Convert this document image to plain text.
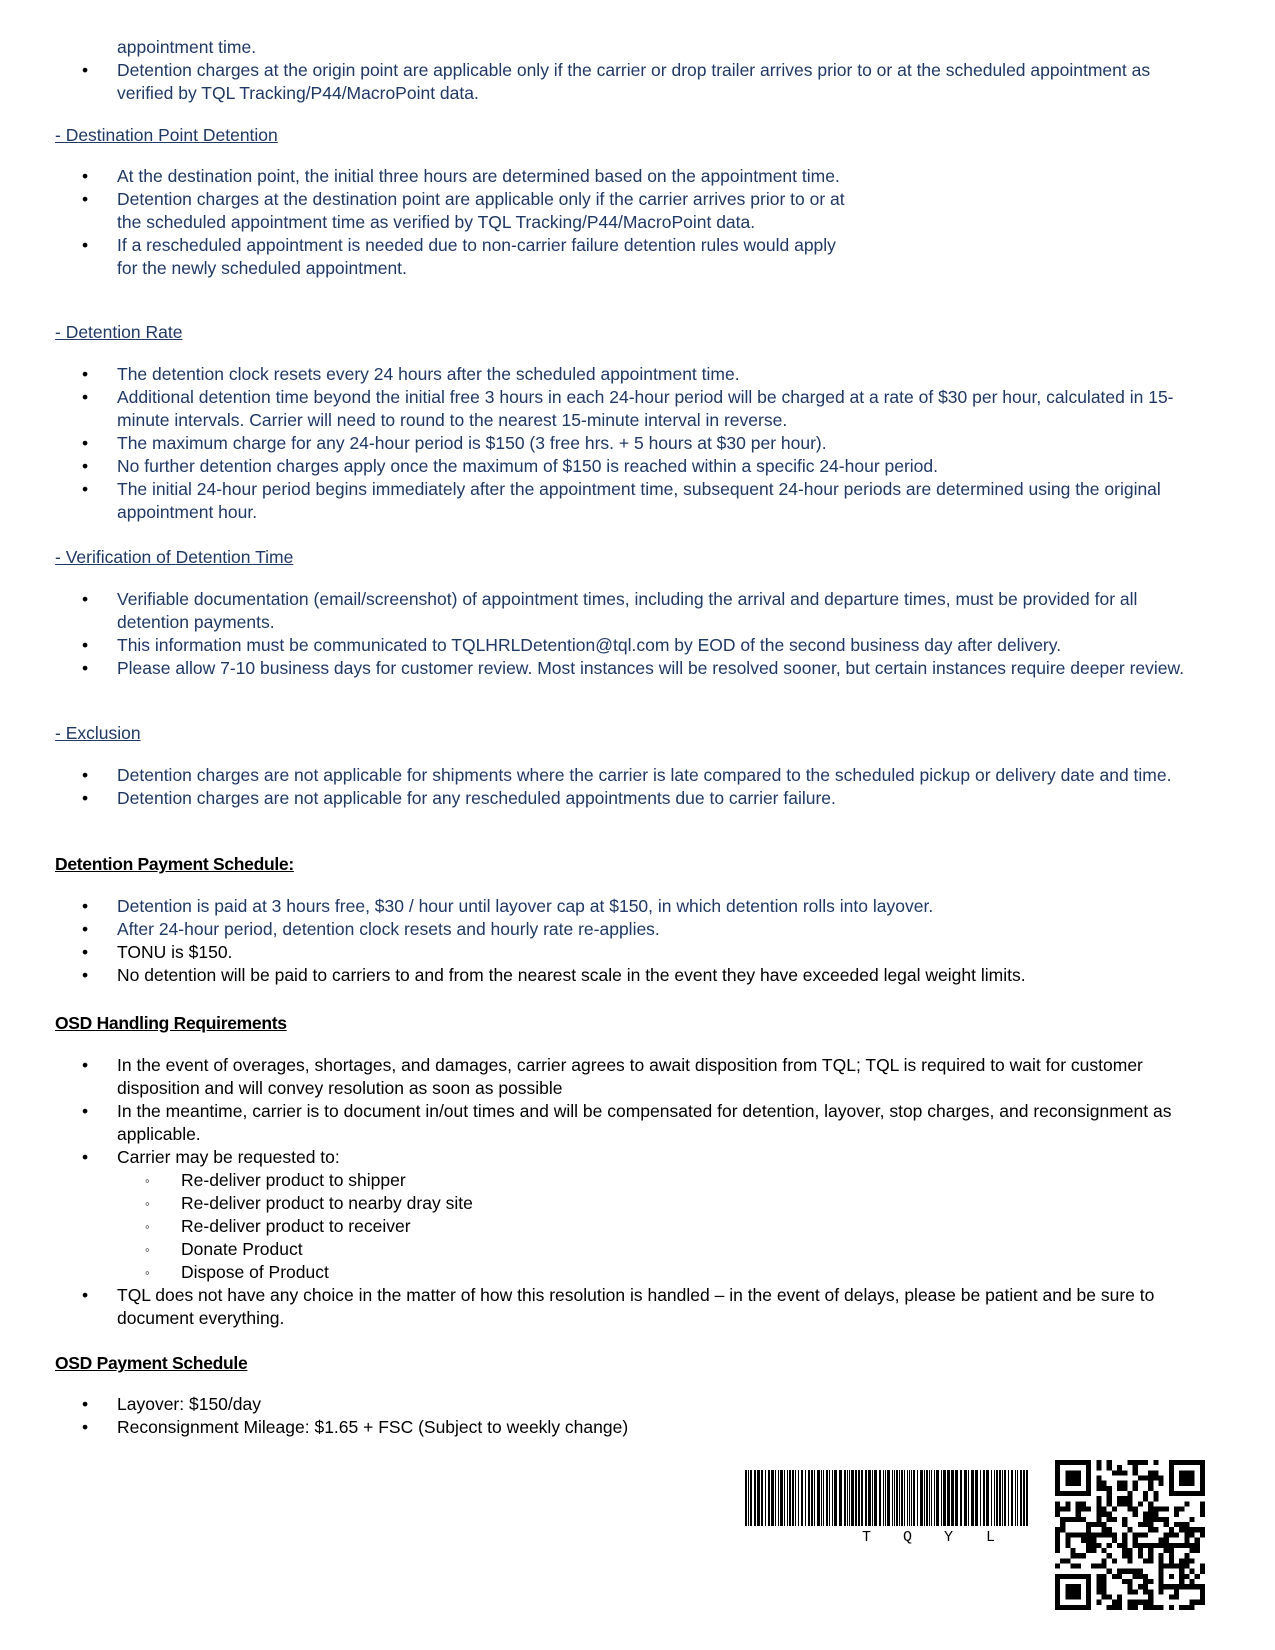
appointment time.
• Detention charges at the origin point are applicable only if the carrier or drop trailer arrives prior to or at the scheduled appointment as verified by TQL Tracking/P44/MacroPoint data.
- Destination Point Detention
• At the destination point, the initial three hours are determined based on the appointment time.
• Detention charges at the destination point are applicable only if the carrier arrives prior to or at the scheduled appointment time as verified by TQL Tracking/P44/MacroPoint data.
• If a rescheduled appointment is needed due to non-carrier failure detention rules would apply for the newly scheduled appointment.
- Detention Rate
• The detention clock resets every 24 hours after the scheduled appointment time.
• Additional detention time beyond the initial free 3 hours in each 24-hour period will be charged at a rate of $30 per hour, calculated in 15-minute intervals. Carrier will need to round to the nearest 15-minute interval in reverse.
• The maximum charge for any 24-hour period is $150 (3 free hrs. + 5 hours at $30 per hour).
• No further detention charges apply once the maximum of $150 is reached within a specific 24-hour period.
• The initial 24-hour period begins immediately after the appointment time, subsequent 24-hour periods are determined using the original appointment hour.
- Verification of Detention Time
• Verifiable documentation (email/screenshot) of appointment times, including the arrival and departure times, must be provided for all detention payments.
• This information must be communicated to TQLHRLDetention@tql.com by EOD of the second business day after delivery.
• Please allow 7-10 business days for customer review. Most instances will be resolved sooner, but certain instances require deeper review.
- Exclusion
• Detention charges are not applicable for shipments where the carrier is late compared to the scheduled pickup or delivery date and time.
• Detention charges are not applicable for any rescheduled appointments due to carrier failure.
Detention Payment Schedule:
• Detention is paid at 3 hours free, $30 / hour until layover cap at $150, in which detention rolls into layover.
• After 24-hour period, detention clock resets and hourly rate re-applies.
• TONU is $150.
• No detention will be paid to carriers to and from the nearest scale in the event they have exceeded legal weight limits.
OSD Handling Requirements
• In the event of overages, shortages, and damages, carrier agrees to await disposition from TQL; TQL is required to wait for customer disposition and will convey resolution as soon as possible
• In the meantime, carrier is to document in/out times and will be compensated for detention, layover, stop charges, and reconsignment as applicable.
• Carrier may be requested to:
◦ Re-deliver product to shipper
◦ Re-deliver product to nearby dray site
◦ Re-deliver product to receiver
◦ Donate Product
◦ Dispose of Product
• TQL does not have any choice in the matter of how this resolution is handled – in the event of delays, please be patient and be sure to document everything.
OSD Payment Schedule
• Layover: $150/day
• Reconsignment Mileage: $1.65 + FSC (Subject to weekly change)
T Q Y L
